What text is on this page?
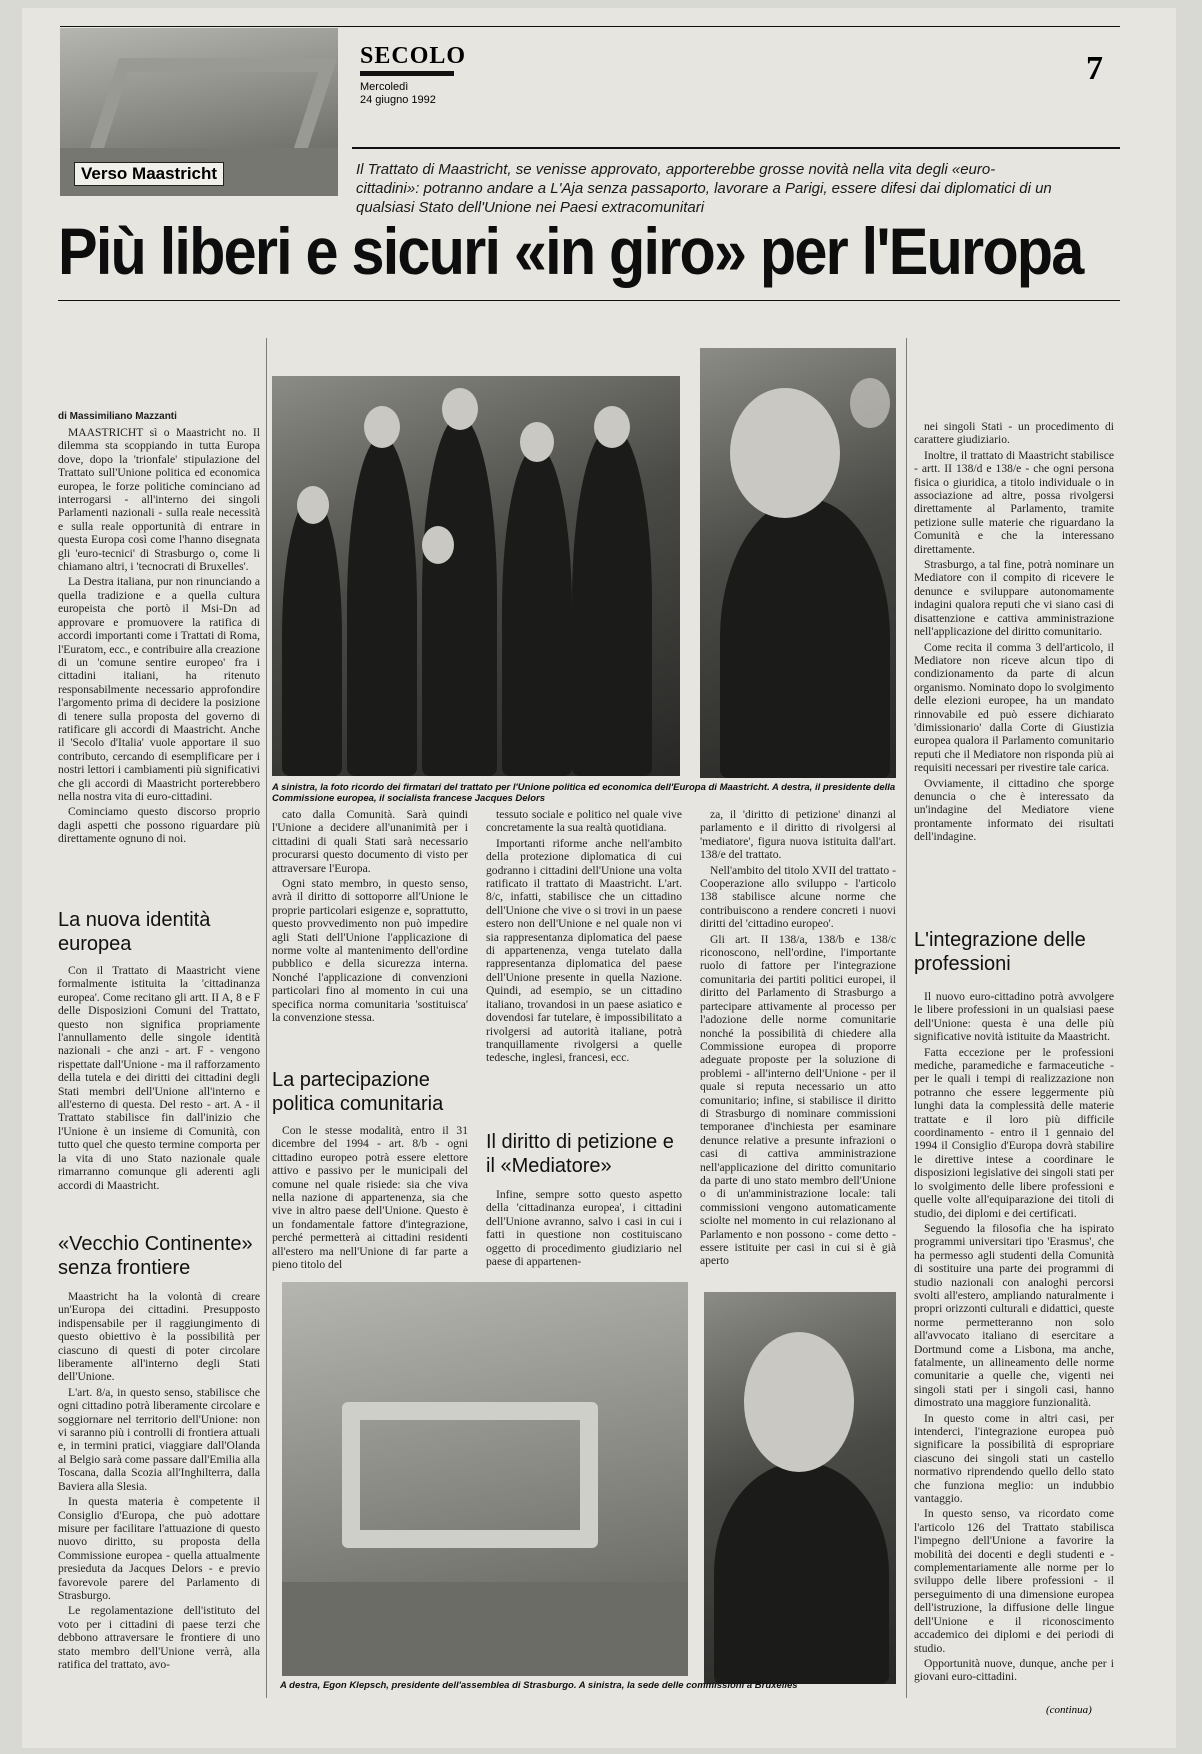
Verso Maastricht
SECOLO
Mercoledì
24 giugno 1992
7
Il Trattato di Maastricht, se venisse approvato, apporterebbe grosse novità nella vita degli «euro-cittadini»: potranno andare a L'Aja senza passaporto, lavorare a Parigi, essere difesi dai diplomatici di un qualsiasi Stato dell'Unione nei Paesi extracomunitari
Più liberi e sicuri «in giro» per l'Europa
A sinistra, la foto ricordo dei firmatari del trattato per l'Unione politica ed economica dell'Europa di Maastricht. A destra, il presidente della Commissione europea, il socialista francese Jacques Delors
A destra, Egon Klepsch, presidente dell'assemblea di Strasburgo. A sinistra, la sede delle commissioni a Bruxelles
di Massimiliano Mazzanti

MAASTRICHT sì o Maastricht no. Il dilemma sta scoppiando in tutta Europa dove, dopo la 'trionfale' stipulazione del Trattato sull'Unione politica ed economica europea, le forze politiche cominciano ad interrogarsi - all'interno dei singoli Parlamenti nazionali - sulla reale necessità e sulla reale opportunità di entrare in questa Europa così come l'hanno disegnata gli 'euro-tecnici' di Strasburgo o, come li chiamano altri, i 'tecnocrati di Bruxelles'.

La Destra italiana, pur non rinunciando a quella tradizione e a quella cultura europeista che portò il Msi-Dn ad approvare e promuovere la ratifica di accordi importanti come i Trattati di Roma, l'Euratom, ecc., e contribuire alla creazione di un 'comune sentire europeo' fra i cittadini italiani, ha ritenuto responsabilmente necessario approfondire l'argomento prima di decidere la posizione di tenere sulla proposta del governo di ratificare gli accordi di Maastricht. Anche il 'Secolo d'Italia' vuole apportare il suo contributo, cercando di esemplificare per i nostri lettori i cambiamenti più significativi che gli accordi di Maastricht porterebbero nella nostra vita di euro-cittadini.

Cominciamo questo discorso proprio dagli aspetti che possono riguardare più direttamente ognuno di noi.

La nuova identità europea

Con il Trattato di Maastricht viene formalmente istituita la 'cittadinanza europea'. Come recitano gli artt. II A, 8 e F delle Disposizioni Comuni del Trattato, questo non significa propriamente l'annullamento delle singole identità nazionali - che anzi - art. F - vengono rispettate dall'Unione - ma il rafforzamento della tutela e dei diritti dei cittadini degli Stati membri dell'Unione all'interno e all'esterno di questa. Del resto - art. A - il Trattato stabilisce fin dall'inizio che l'Unione è un insieme di Comunità, con tutto quel che questo termine comporta per la vita di uno Stato nazionale quale rimarranno comunque gli aderenti agli accordi di Maastricht.

«Vecchio Continente» senza frontiere

Maastricht ha la volontà di creare un'Europa dei cittadini. Presupposto indispensabile per il raggiungimento di questo obiettivo è la possibilità per ciascuno di questi di poter circolare liberamente all'interno degli Stati dell'Unione.

L'art. 8/a, in questo senso, stabilisce che ogni cittadino potrà liberamente circolare e soggiornare nel territorio dell'Unione: non vi saranno più i controlli di frontiera attuali e, in termini pratici, viaggiare dall'Olanda al Belgio sarà come passare dall'Emilia alla Toscana, dalla Scozia all'Inghilterra, dalla Baviera alla Slesia.

In questa materia è competente il Consiglio d'Europa, che può adottare misure per facilitare l'attuazione di questo nuovo diritto, su proposta della Commissione europea - quella attualmente presieduta da Jacques Delors - e previo favorevole parere del Parlamento di Strasburgo.

Le regolamentazione dell'istituto del voto per i cittadini di paese terzi che debbono attraversare le frontiere di uno stato membro dell'Unione verrà, alla ratifica del trattato, avo-

cato dalla Comunità. Sarà quindi l'Unione a decidere all'unanimità per i cittadini di quali Stati sarà necessario procurarsi questo documento di visto per attraversare l'Europa.

Ogni stato membro, in questo senso, avrà il diritto di sottoporre all'Unione le proprie particolari esigenze e, soprattutto, questo provvedimento non può impedire agli Stati dell'Unione l'applicazione di norme volte al mantenimento dell'ordine pubblico e della sicurezza interna. Nonché l'applicazione di convenzioni particolari fino al momento in cui una specifica norma comunitaria 'sostituisca' la convenzione stessa.

La partecipazione politica comunitaria

Con le stesse modalità, entro il 31 dicembre del 1994 - art. 8/b - ogni cittadino europeo potrà essere elettore attivo e passivo per le municipali del comune nel quale risiede: sia che viva nella nazione di appartenenza, sia che vive in altro paese dell'Unione. Questo è un fondamentale fattore d'integrazione, perché permetterà ai cittadini residenti all'estero ma nell'Unione di far parte a pieno titolo del

tessuto sociale e politico nel quale vive concretamente la sua realtà quotidiana.

Importanti riforme anche nell'ambito della protezione diplomatica di cui godranno i cittadini dell'Unione una volta ratificato il trattato di Maastricht. L'art. 8/c, infatti, stabilisce che un cittadino dell'Unione che vive o si trovi in un paese estero non dell'Unione e nel quale non vi sia rappresentanza diplomatica del paese di appartenenza, venga tutelato dalla rappresentanza diplomatica del paese dell'Unione presente in quella Nazione. Quindi, ad esempio, se un cittadino italiano, trovandosi in un paese asiatico e dovendosi far tutelare, è impossibilitato a rivolgersi ad autorità italiane, potrà tranquillamente rivolgersi a quelle tedesche, inglesi, francesi, ecc.

Il diritto di petizione e il «Mediatore»

Infine, sempre sotto questo aspetto della 'cittadinanza europea', i cittadini dell'Unione avranno, salvo i casi in cui i fatti in questione non costituiscano oggetto di procedimento giudiziario nel paese di appartenen-

za, il 'diritto di petizione' dinanzi al parlamento e il diritto di rivolgersi al 'mediatore', figura nuova istituita dall'art. 138/e del trattato.

Nell'ambito del titolo XVII del trattato - Cooperazione allo sviluppo - l'articolo 138 stabilisce alcune norme che contribuiscono a rendere concreti i nuovi diritti del 'cittadino europeo'.

Gli art. II 138/a, 138/b e 138/c riconoscono, nell'ordine, l'importante ruolo di fattore per l'integrazione comunitaria dei partiti politici europei, il diritto del Parlamento di Strasburgo a partecipare attivamente al processo per l'adozione delle norme comunitarie nonché la possibilità di chiedere alla Commissione europea di proporre adeguate proposte per la soluzione di problemi - all'interno dell'Unione - per il quale si reputa necessario un atto comunitario; infine, si stabilisce il diritto di Strasburgo di nominare commissioni temporanee d'inchiesta per esaminare denunce relative a presunte infrazioni o casi di cattiva amministrazione nell'applicazione del diritto comunitario da parte di uno stato membro dell'Unione o di un'amministrazione locale: tali commissioni vengono automaticamente sciolte nel momento in cui relazionano al Parlamento e non possono - come detto - essere istituite per casi in cui si è già aperto

nei singoli Stati - un procedimento di carattere giudiziario.

Inoltre, il trattato di Maastricht stabilisce - artt. II 138/d e 138/e - che ogni persona fisica o giuridica, a titolo individuale o in associazione ad altre, possa rivolgersi direttamente al Parlamento, tramite petizione sulle materie che riguardano la Comunità e che la interessano direttamente.

Strasburgo, a tal fine, potrà nominare un Mediatore con il compito di ricevere le denunce e sviluppare autonomamente indagini qualora reputi che vi siano casi di disattenzione e cattiva amministrazione nell'applicazione del diritto comunitario.

Come recita il comma 3 dell'articolo, il Mediatore non riceve alcun tipo di condizionamento da parte di alcun organismo. Nominato dopo lo svolgimento delle elezioni europee, ha un mandato rinnovabile ed può essere dichiarato 'dimissionario' dalla Corte di Giustizia europea qualora il Parlamento comunitario reputi che il Mediatore non risponda più ai requisiti necessari per rivestire tale carica.

Ovviamente, il cittadino che sporge denuncia o che è interessato da un'indagine del Mediatore viene prontamente informato dei risultati dell'indagine.

L'integrazione delle professioni

Il nuovo euro-cittadino potrà avvolgere le libere professioni in un qualsiasi paese dell'Unione: questa è una delle più significative novità istituite da Maastricht.

Fatta eccezione per le professioni mediche, paramediche e farmaceutiche - per le quali i tempi di realizzazione non potranno che essere leggermente più lunghi data la complessità delle materie trattate e il loro più difficile coordinamento - entro il 1 gennaio del 1994 il Consiglio d'Europa dovrà stabilire le direttive intese a coordinare le disposizioni legislative dei singoli stati per lo svolgimento delle libere professioni e quelle volte all'equiparazione dei titoli di studio, dei diplomi e dei certificati.

Seguendo la filosofia che ha ispirato programmi universitari tipo 'Erasmus', che ha permesso agli studenti della Comunità di sostituire una parte dei programmi di studio nazionali con analoghi percorsi svolti all'estero, ampliando naturalmente i propri orizzonti culturali e didattici, queste norme permetteranno non solo all'avvocato italiano di esercitare a Dortmund come a Lisbona, ma anche, fatalmente, un allineamento delle norme comunitarie a quelle che, vigenti nei singoli stati per i singoli casi, hanno dimostrato una maggiore funzionalità.

In questo come in altri casi, per intenderci, l'integrazione europea può significare la possibilità di espropriare ciascuno dei singoli stati un castello normativo riprendendo quello dello stato che funziona meglio: un indubbio vantaggio.

In questo senso, va ricordato come l'articolo 126 del Trattato stabilisca l'impegno dell'Unione a favorire la mobilità dei docenti e degli studenti e - complementariamente alle norme per lo sviluppo delle libere professioni - il perseguimento di una dimensione europea dell'istruzione, la diffusione delle lingue dell'Unione e il riconoscimento accademico dei diplomi e dei periodi di studio.

Opportunità nuove, dunque, anche per i giovani euro-cittadini.

(continua)
